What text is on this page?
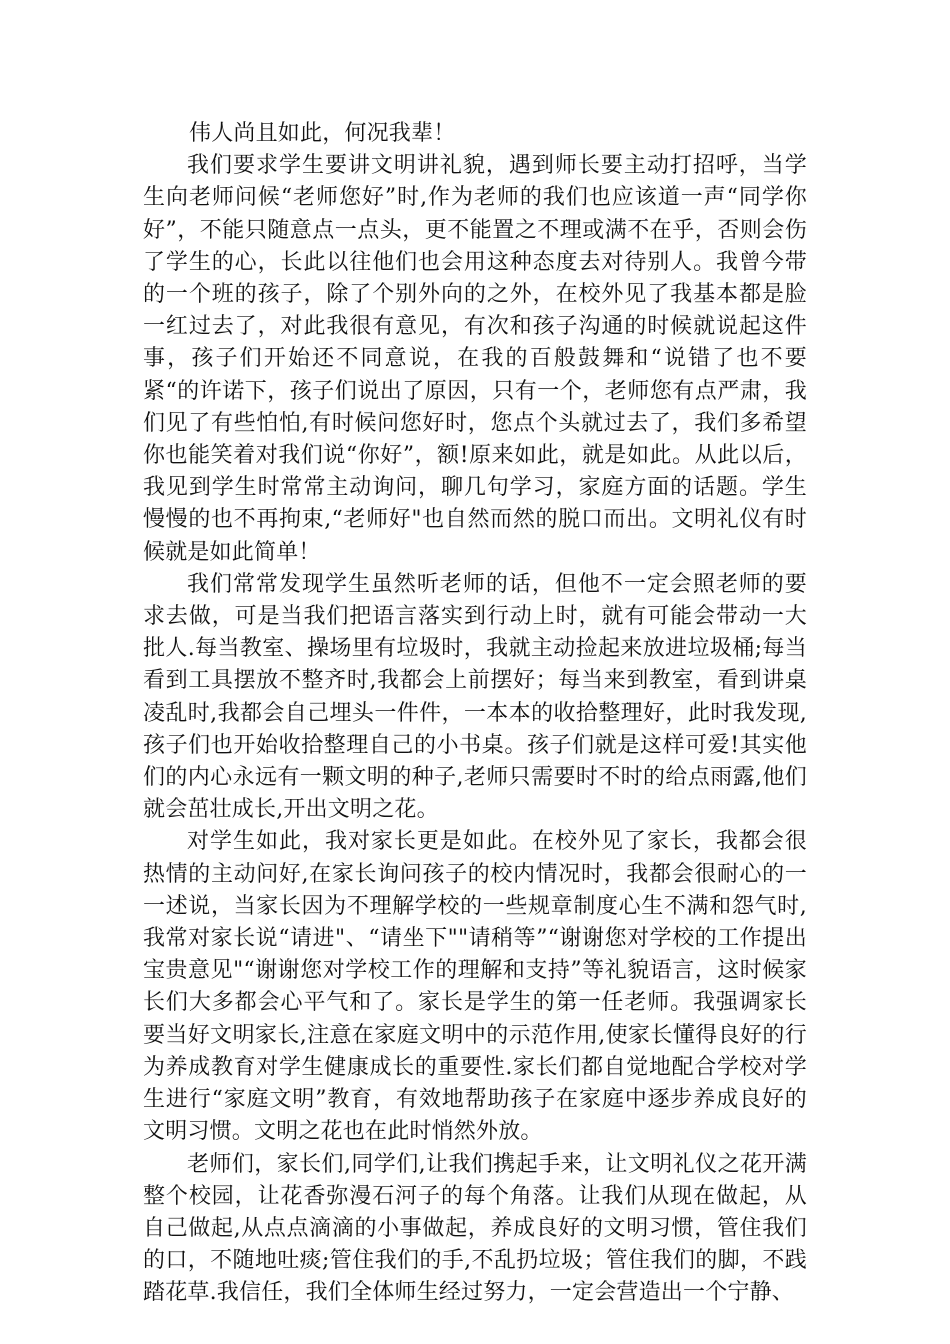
伟人尚且如此，何况我辈！

我们要求学生要讲文明讲礼貌，遇到师长要主动打招呼，当学生向老师问候“老师您好”时,作为老师的我们也应该道一声“同学你好”，不能只随意点一点头，更不能置之不理或满不在乎，否则会伤了学生的心，长此以往他们也会用这种态度去对待别人。我曾今带的一个班的孩子，除了个别外向的之外，在校外见了我基本都是脸一红过去了，对此我很有意见，有次和孩子沟通的时候就说起这件事，孩子们开始还不同意说，在我的百般鼓舞和“说错了也不要紧“的许诺下，孩子们说出了原因，只有一个，老师您有点严肃，我们见了有些怕怕,有时候问您好时，您点个头就过去了，我们多希望你也能笑着对我们说“你好”，额!原来如此，就是如此。从此以后，我见到学生时常常主动询问，聊几句学习，家庭方面的话题。学生慢慢的也不再拘束,“老师好"也自然而然的脱口而出。文明礼仪有时候就是如此简单！

我们常常发现学生虽然听老师的话，但他不一定会照老师的要求去做，可是当我们把语言落实到行动上时，就有可能会带动一大批人.每当教室、操场里有垃圾时，我就主动捡起来放进垃圾桶;每当看到工具摆放不整齐时,我都会上前摆好；每当来到教室，看到讲桌凌乱时,我都会自己埋头一件件，一本本的收拾整理好，此时我发现,孩子们也开始收拾整理自己的小书桌。孩子们就是这样可爱!其实他们的内心永远有一颗文明的种子,老师只需要时不时的给点雨露,他们就会茁壮成长,开出文明之花。

对学生如此，我对家长更是如此。在校外见了家长，我都会很热情的主动问好,在家长询问孩子的校内情况时，我都会很耐心的一一述说，当家长因为不理解学校的一些规章制度心生不满和怨气时,我常对家长说“请进"、“请坐下""请稍等”“谢谢您对学校的工作提出宝贵意见"“谢谢您对学校工作的理解和支持”等礼貌语言，这时候家长们大多都会心平气和了。家长是学生的第一任老师。我强调家长要当好文明家长,注意在家庭文明中的示范作用,使家长懂得良好的行为养成教育对学生健康成长的重要性.家长们都自觉地配合学校对学生进行“家庭文明”教育，有效地帮助孩子在家庭中逐步养成良好的文明习惯。文明之花也在此时悄然外放。

老师们，家长们,同学们,让我们携起手来，让文明礼仪之花开满整个校园，让花香弥漫石河子的每个角落。让我们从现在做起，从自己做起,从点点滴滴的小事做起，养成良好的文明习惯，管住我们的口，不随地吐痰;管住我们的手,不乱扔垃圾；管住我们的脚，不践踏花草.我信任，我们全体师生经过努力，一定会营造出一个宁静、
